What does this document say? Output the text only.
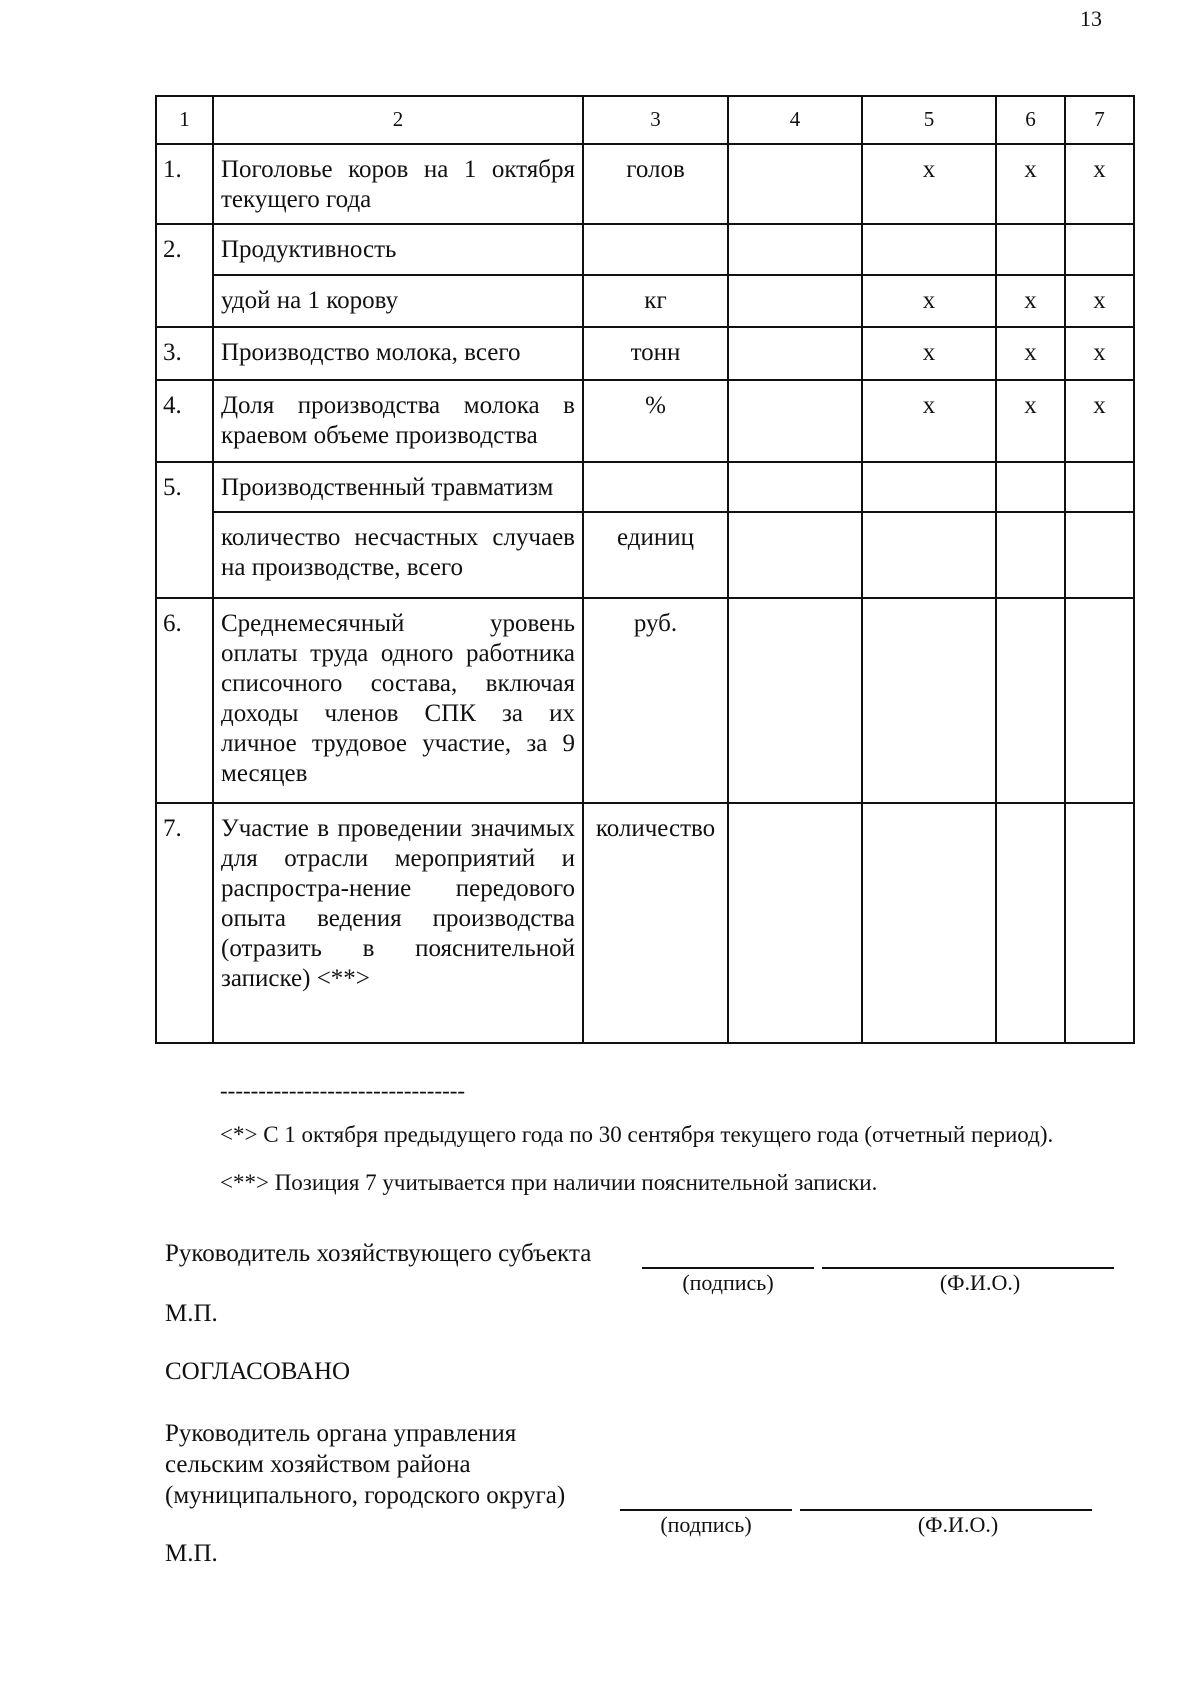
13
1	2	3	4	5	6	7
1.	Поголовье коров на 1 октября текущего года	голов		x	x	x
2.	Продуктивность					
	удой на 1 корову	кг		x	x	x
3.	Производство молока, всего	тонн		x	x	x
4.	Доля производства молока в краевом объеме производства	%		x	x	x
5.	Производственный травматизм					
	количество несчастных случаев на производстве, всего	единиц				
6.	Среднемесячный уровень оплаты труда одного работника списочного состава, включая доходы членов СПК за их личное трудовое участие, за 9 месяцев	руб.				
7.	Участие в проведении значимых для отрасли мероприятий и распростра-нение передового опыта ведения производства (отразить в пояснительной записке) <**>	количество				
--------------------------------

<*> С 1 октября предыдущего года по 30 сентября текущего года (отчетный период).

<**> Позиция 7 учитывается при наличии пояснительной записки.

Руководитель хозяйствующего субъекта
(подпись)	(Ф.И.О.)
М.П.
СОГЛАСОВАНО
Руководитель органа управления
сельским хозяйством района
(муниципального, городского округа)
(подпись)	(Ф.И.О.)
М.П.
